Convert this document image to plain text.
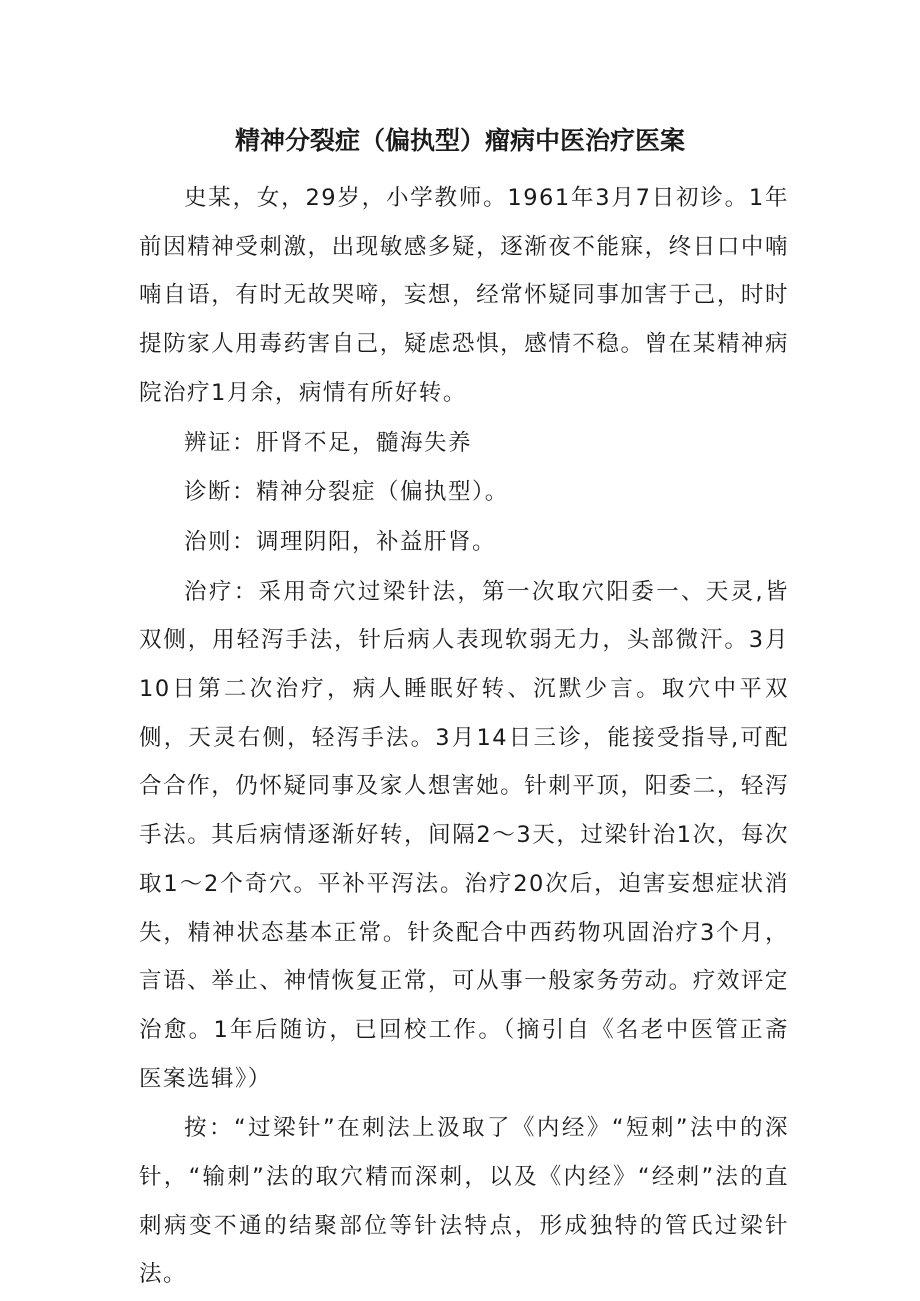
精神分裂症（偏执型）瘤病中医治疗医案

史某，女，29岁，小学教师。1961年3月7日初诊。1年前因精神受刺激，出现敏感多疑，逐渐夜不能寐，终日口中喃喃自语，有时无故哭啼，妄想，经常怀疑同事加害于己，时时提防家人用毒药害自己，疑虑恐惧，感情不稳。曾在某精神病院治疗1月余，病情有所好转。

辨证：肝肾不足，髓海失养

诊断：精神分裂症（偏执型）。

治则：调理阴阳，补益肝肾。

治疗：采用奇穴过梁针法，第一次取穴阳委一、天灵,皆双侧，用轻泻手法，针后病人表现软弱无力，头部微汗。3月10日第二次治疗，病人睡眠好转、沉默少言。取穴中平双侧，天灵右侧，轻泻手法。3月14日三诊，能接受指导,可配合合作，仍怀疑同事及家人想害她。针刺平顶，阳委二，轻泻手法。其后病情逐渐好转，间隔2～3天，过梁针治1次，每次取1～2个奇穴。平补平泻法。治疗20次后，迫害妄想症状消失，精神状态基本正常。针灸配合中西药物巩固治疗3个月，言语、举止、神情恢复正常，可从事一般家务劳动。疗效评定治愈。1年后随访，已回校工作。（摘引自《名老中医管正斋医案选辑》）

按：“过梁针”在刺法上汲取了《内经》“短刺”法中的深针，“输刺”法的取穴精而深刺，以及《内经》“经刺”法的直刺病变不通的结聚部位等针法特点，形成独特的管氏过梁针法。
